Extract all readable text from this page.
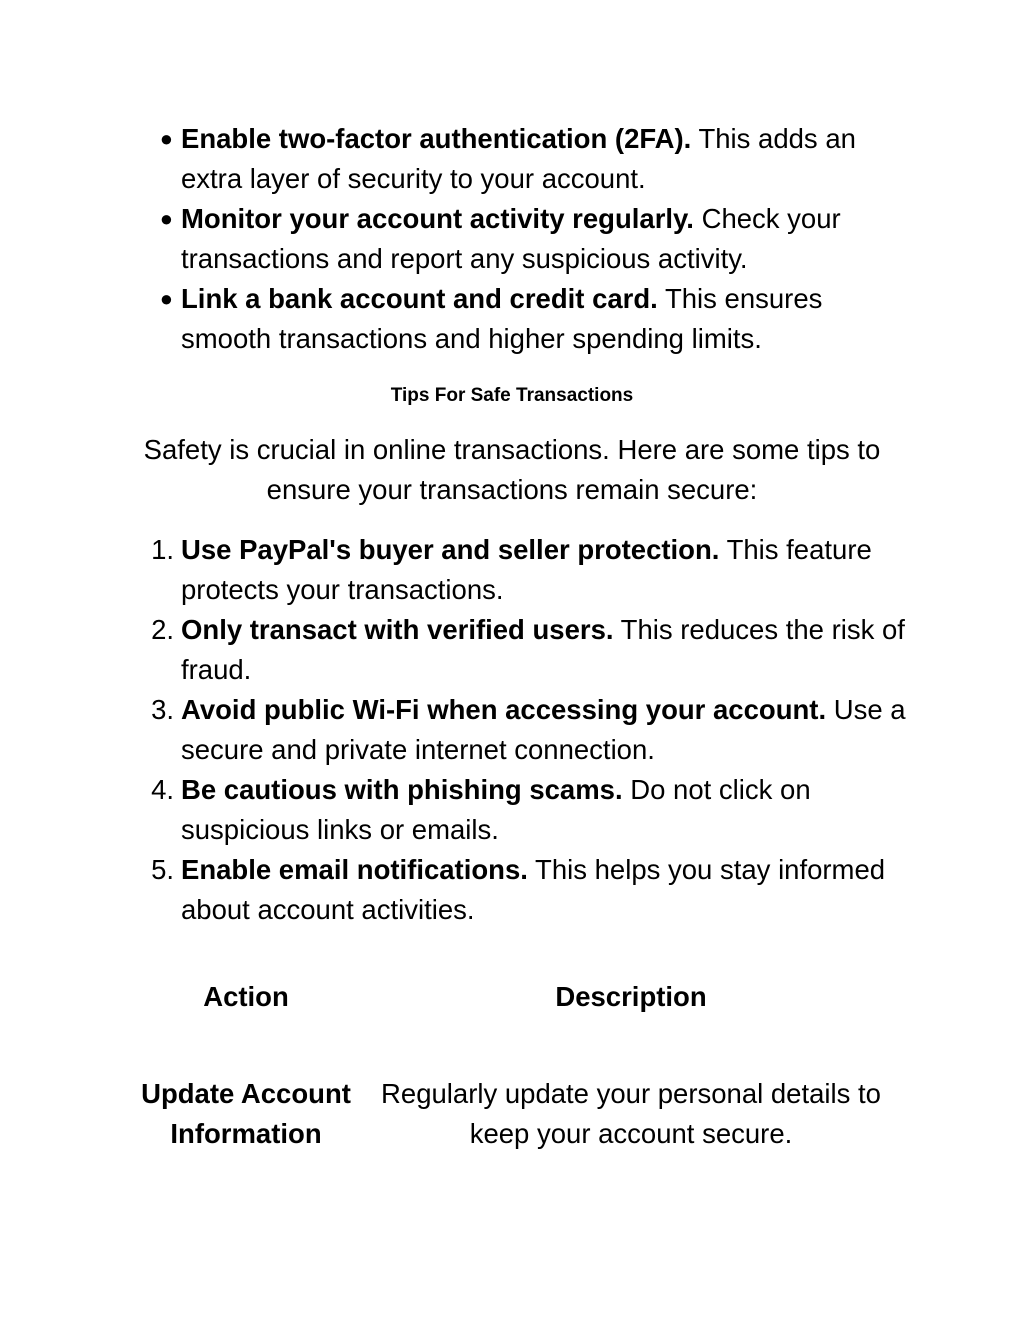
● Enable two-factor authentication (2FA). This adds an extra layer of security to your account.
● Monitor your account activity regularly. Check your transactions and report any suspicious activity.
● Link a bank account and credit card. This ensures smooth transactions and higher spending limits.
Tips For Safe Transactions
Safety is crucial in online transactions. Here are some tips to ensure your transactions remain secure:
1. Use PayPal's buyer and seller protection. This feature protects your transactions.
2. Only transact with verified users. This reduces the risk of fraud.
3. Avoid public Wi-Fi when accessing your account. Use a secure and private internet connection.
4. Be cautious with phishing scams. Do not click on suspicious links or emails.
5. Enable email notifications. This helps you stay informed about account activities.
Action	Description
Update Account Information
Regularly update your personal details to keep your account secure.
